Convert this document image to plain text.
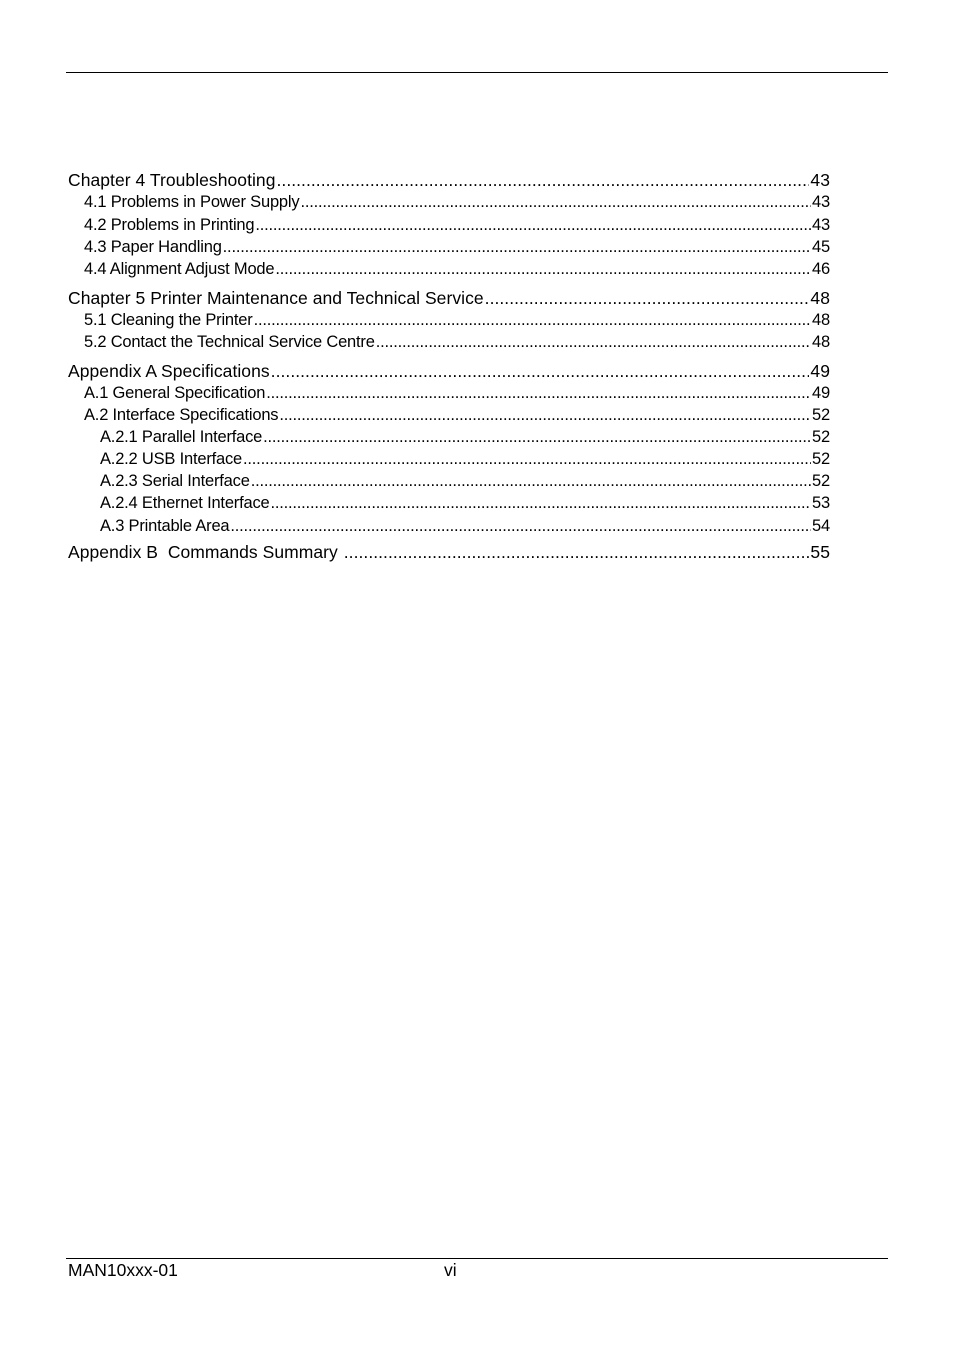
Chapter 4 Troubleshooting .....	43
4.1 Problems in Power Supply .....	43
4.2 Problems in Printing .....	43
4.3 Paper Handling .....	45
4.4 Alignment Adjust Mode .....	46
Chapter 5 Printer Maintenance and Technical Service .....	48
5.1 Cleaning the Printer .....	48
5.2 Contact the Technical Service Centre .....	48
Appendix A Specifications .....	49
A.1 General Specification .....	49
A.2 Interface Specifications .....	52
A.2.1 Parallel Interface .....	52
A.2.2 USB Interface .....	52
A.2.3 Serial Interface .....	52
A.2.4 Ethernet Interface .....	53
A.3 Printable Area .....	54
Appendix B  Commands Summary .....	55
MAN10xxx-01	vi
